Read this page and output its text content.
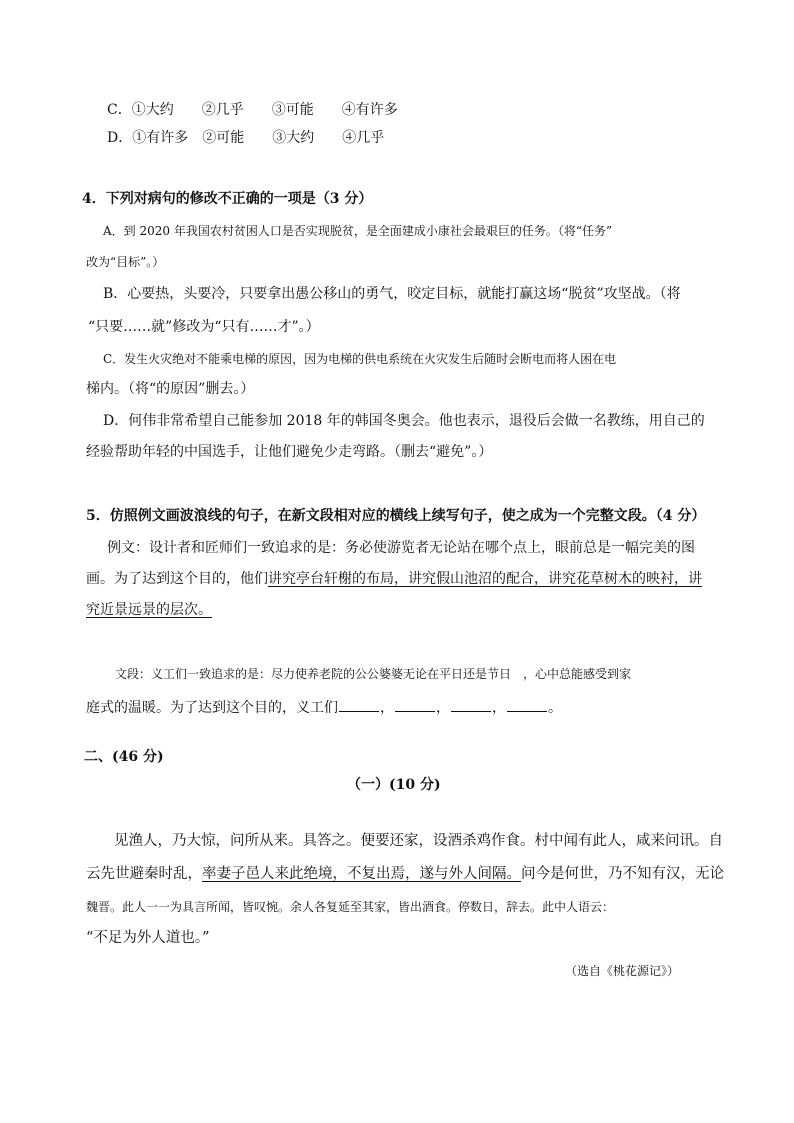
C．①大约　　②几乎　　③可能　　④有许多
D．①有许多　②可能　　③大约　　④几乎
4．下列对病句的修改不正确的一项是（3 分）
A．到 2020 年我国农村贫困人口是否实现脱贫，是全面建成小康社会最艰巨的任务。（将“任务”
改为“目标”。）
B．心要热，头要冷，只要拿出愚公移山的勇气，咬定目标，就能打赢这场“脱贫”攻坚战。（将
“只要……就”修改为“只有……才”。）
C．发生火灾绝对不能乘电梯的原因，因为电梯的供电系统在火灾发生后随时会断电而将人困在电
梯内。（将“的原因”删去。）
D．何伟非常希望自己能参加 2018 年的韩国冬奥会。他也表示，退役后会做一名教练，用自己的
经验帮助年轻的中国选手，让他们避免少走弯路。（删去“避免”。）
5．仿照例文画波浪线的句子，在新文段相对应的横线上续写句子，使之成为一个完整文段。（4 分）
例文：设计者和匠师们一致追求的是：务必使游览者无论站在哪个点上，眼前总是一幅完美的图
画。为了达到这个目的，他们讲究亭台轩榭的布局，讲究假山池沼的配合，讲究花草树木的映衬，讲
究近景远景的层次。
文段：义工们一致追求的是：尽力使养老院的公公婆婆无论在平日还是节日　，心中总能感受到家
庭式的温暖。为了达到这个目的，义工们	，	，	，	。
二、(46 分)
（一）(10 分)
见渔人，乃大惊，问所从来。具答之。便要还家，设酒杀鸡作食。村中闻有此人，咸来问讯。自
云先世避秦时乱，率妻子邑人来此绝境，不复出焉，遂与外人间隔。问今是何世，乃不知有汉，无论
魏晋。此人一一为具言所闻，皆叹惋。余人各复延至其家，皆出酒食。停数日，辞去。此中人语云：
“不足为外人道也。”
（选自《桃花源记》）
